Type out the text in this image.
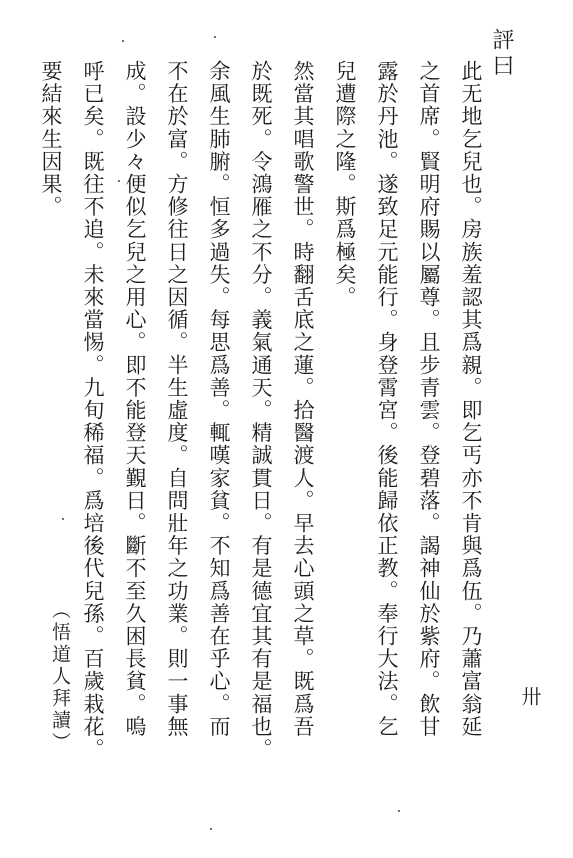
評曰
此无地乞兒也。房族羞認其爲親。即乞丐亦不肯與爲伍。乃蕭富翁延
之首席。賢明府賜以屬尊。且步青雲。登碧落。謁神仙於紫府。飲甘
露於丹池。遂致足元能行。身登霄宮。後能歸依正教。奉行大法。乞
兒遭際之隆。斯爲極矣。
然當其唱歌警世。時翻舌底之蓮。拾醫渡人。早去心頭之草。既爲吾
於既死。令鴻雁之不分。義氣通天。精誠貫日。有是德宜其有是福也。
余風生肺腑。恒多過失。每思爲善。輒嘆家貧。不知爲善在乎心。而
不在於富。方修往日之因循。半生虛度。自問壯年之功業。則一事無
成。設少々便似乞兒之用心。即不能登天覲日。斷不至久困長貧。嗚
呼已矣。既往不追。未來當惕。九旬稀福。爲培後代兒孫。百歲栽花。
要結來生因果。
卅
（悟道人拜讀）
